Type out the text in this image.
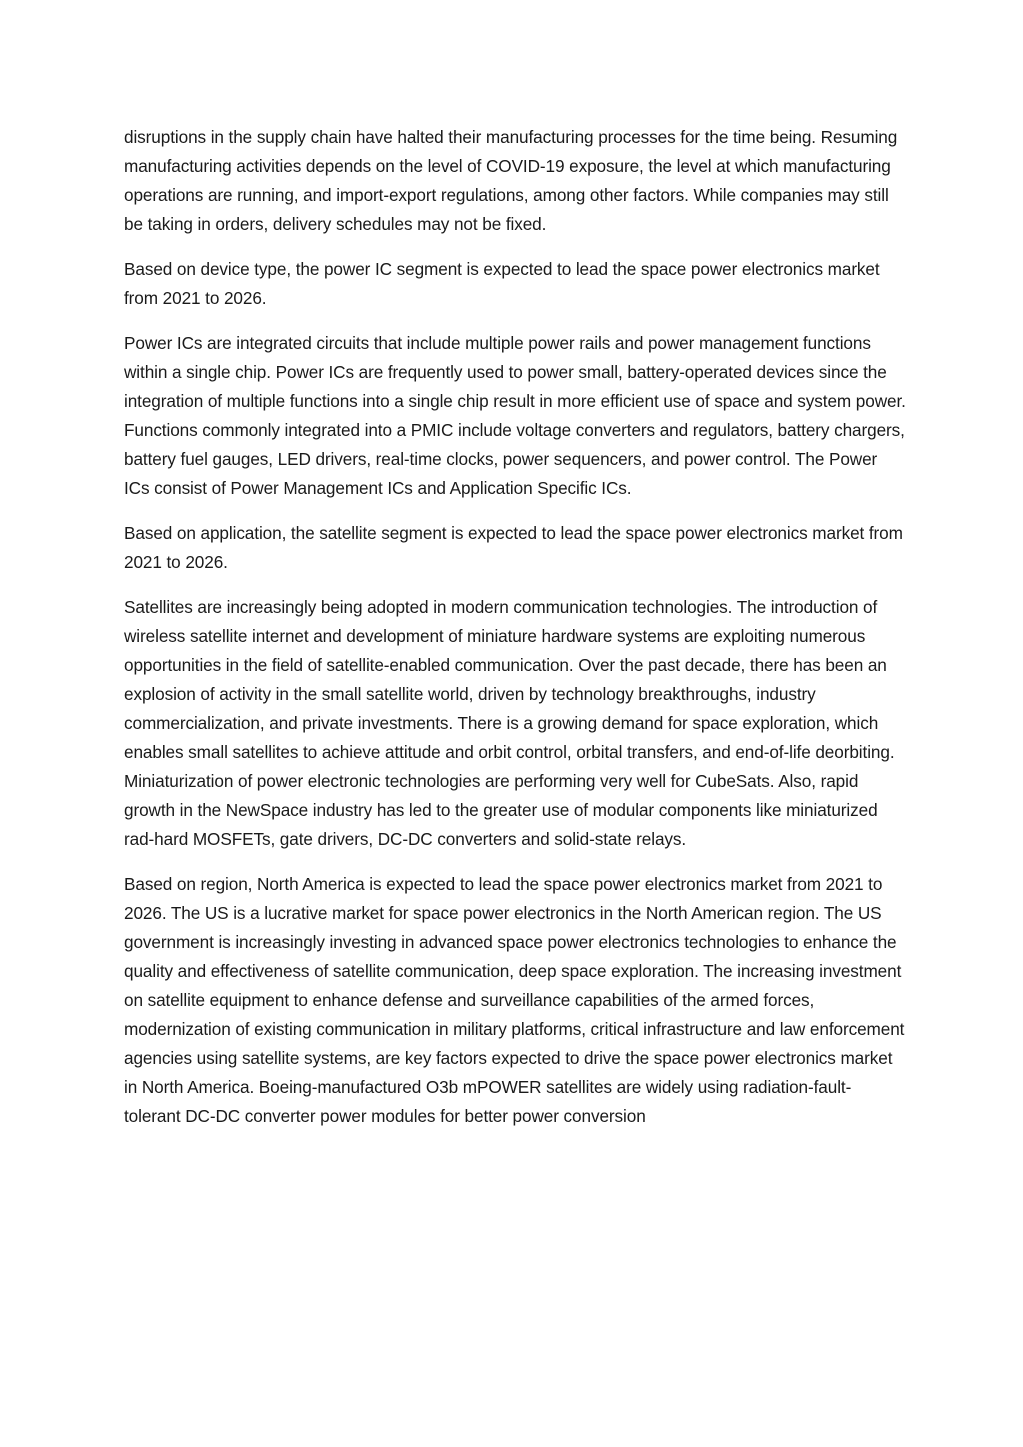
disruptions in the supply chain have halted their manufacturing processes for the time being. Resuming manufacturing activities depends on the level of COVID-19 exposure, the level at which manufacturing operations are running, and import-export regulations, among other factors. While companies may still be taking in orders, delivery schedules may not be fixed.

Based on device type, the power IC segment is expected to lead the space power electronics market from 2021 to 2026.

Power ICs are integrated circuits that include multiple power rails and power management functions within a single chip. Power ICs are frequently used to power small, battery-operated devices since the integration of multiple functions into a single chip result in more efficient use of space and system power. Functions commonly integrated into a PMIC include voltage converters and regulators, battery chargers, battery fuel gauges, LED drivers, real-time clocks, power sequencers, and power control. The Power ICs consist of Power Management ICs and Application Specific ICs.

Based on application, the satellite segment is expected to lead the space power electronics market from 2021 to 2026.

Satellites are increasingly being adopted in modern communication technologies. The introduction of wireless satellite internet and development of miniature hardware systems are exploiting numerous opportunities in the field of satellite-enabled communication. Over the past decade, there has been an explosion of activity in the small satellite world, driven by technology breakthroughs, industry commercialization, and private investments. There is a growing demand for space exploration, which enables small satellites to achieve attitude and orbit control, orbital transfers, and end-of-life deorbiting. Miniaturization of power electronic technologies are performing very well for CubeSats. Also, rapid growth in the NewSpace industry has led to the greater use of modular components like miniaturized rad-hard MOSFETs, gate drivers, DC-DC converters and solid-state relays.

Based on region, North America is expected to lead the space power electronics market from 2021 to 2026. The US is a lucrative market for space power electronics in the North American region. The US government is increasingly investing in advanced space power electronics technologies to enhance the quality and effectiveness of satellite communication, deep space exploration. The increasing investment on satellite equipment to enhance defense and surveillance capabilities of the armed forces, modernization of existing communication in military platforms, critical infrastructure and law enforcement agencies using satellite systems, are key factors expected to drive the space power electronics market in North America. Boeing-manufactured O3b mPOWER satellites are widely using radiation-fault-tolerant DC-DC converter power modules for better power conversion
